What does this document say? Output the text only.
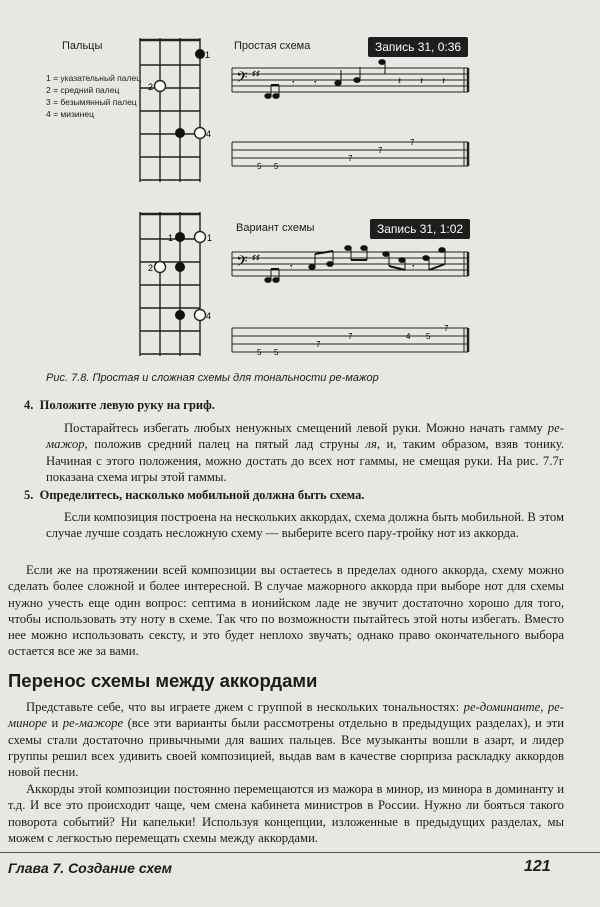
Пальцы
1 = указательный палец
2 = средний палец
3 = безымянный палец
4 = мизинец
1
2
4
Простая схема	Запись 31, 0:36
𝄢 ♯♯
𝄾 𝄾	𝄽 𝄽 𝄽
5 5
7
7
7
1	1
2
4
Вариант схемы	Запись 31, 1:02
𝄢 ♯♯
𝄾	𝄾
5 5
7
7	4 5
7
Рис. 7.8. Простая и сложная схемы для тональности ре-мажор
4. Положите левую руку на гриф.

Постарайтесь избегать любых ненужных смещений левой руки. Можно начать гамму ре-мажор, положив средний палец на пятый лад струны ля, и, таким образом, взяв тонику. Начиная с этого положения, можно достать до всех нот гаммы, не смещая руки. На рис. 7.7г показана схема игры этой гаммы.

5. Определитесь, насколько мобильной должна быть схема.

Если композиция построена на нескольких аккордах, схема должна быть мобильной. В этом случае лучше создать несложную схему — выберите всего пару-тройку нот из аккорда.

Если же на протяжении всей композиции вы остаетесь в пределах одного аккорда, схему можно сделать более сложной и более интересной. В случае мажорного аккорда при выборе нот для схемы нужно учесть еще один вопрос: септима в ионийском ладе не звучит достаточно хорошо для того, чтобы использовать эту ноту в схеме. Так что по возможности пытайтесь этой ноты избегать. Вместо нее можно использовать сексту, и это будет неплохо звучать; однако право окончательного выбора остается все же за вами.

Перенос схемы между аккордами

Представьте себе, что вы играете джем с группой в нескольких тональностях: ре-доминанте, ре-миноре и ре-мажоре (все эти варианты были рассмотрены отдельно в предыдущих разделах), и эти схемы стали достаточно привычными для ваших пальцев. Все музыканты вошли в азарт, и лидер группы решил всех удивить своей композицией, выдав вам в качестве сюрприза раскладку аккордов новой песни.

Аккорды этой композиции постоянно перемещаются из мажора в минор, из минора в доминанту и т.д. И все это происходит чаще, чем смена кабинета министров в России. Нужно ли бояться такого поворота событий? Ни капельки! Используя концепции, изложенные в предыдущих разделах, мы можем с легкостью перемещать схемы между аккордами.

Глава 7. Создание схем	121
